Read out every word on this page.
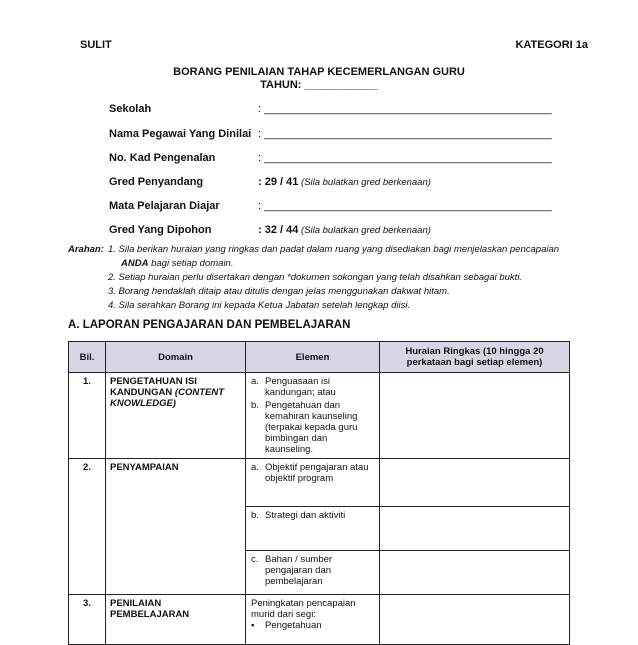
SULIT	KATEGORI 1a
BORANG PENILAIAN TAHAP KECEMERLANGAN GURU
TAHUN: ____________
Sekolah	: _______________________________________________
Nama Pegawai Yang Dinilai : _______________________________________________
No. Kad Pengenalan	: _______________________________________________
Gred Penyandang	: 29 / 41 (Sila bulatkan gred berkenaan)
Mata Pelajaran Diajar	: _______________________________________________
Gred Yang Dipohon	: 32 / 44 (Sila bulatkan gred berkenaan)
Arahan: 1. Sila berikan huraian yang ringkas dan padat dalam ruang yang disediakan bagi menjelaskan pencapaian
ANDA bagi setiap domain.
2. Setiap huraian perlu disertakan dengan *dokumen sokongan yang telah disahkan sebagai bukti.
3. Borang hendaklah ditaip atau ditulis dengan jelas menggunakan dakwat hitam.
4. Sila serahkan Borang ini kepada Ketua Jabatan setelah lengkap diisi.
A. LAPORAN PENGAJARAN DAN PEMBELAJARAN
Bil.	Domain	Elemen	Huraian Ringkas (10 hingga 20 perkataan bagi setiap elemen)
1.	PENGETAHUAN ISI KANDUNGAN (CONTENT KNOWLEDGE)	a. Penguasaan isi kandungan; atau
b. Pengetahuan dan kemahiran kaunseling (terpakai kepada guru bimbingan dan kaunseling.	

2.	PENYAMPAIAN	a. Objektif pengajaran atau objektif program	

		b. Strategi dan aktiviti	

		c. Bahan / sumber pengajaran dan pembelajaran	

3.	PENILAIAN PEMBELAJARAN	Peningkatan pencapaian murid dari segi:
▪ Pengetahuan	
